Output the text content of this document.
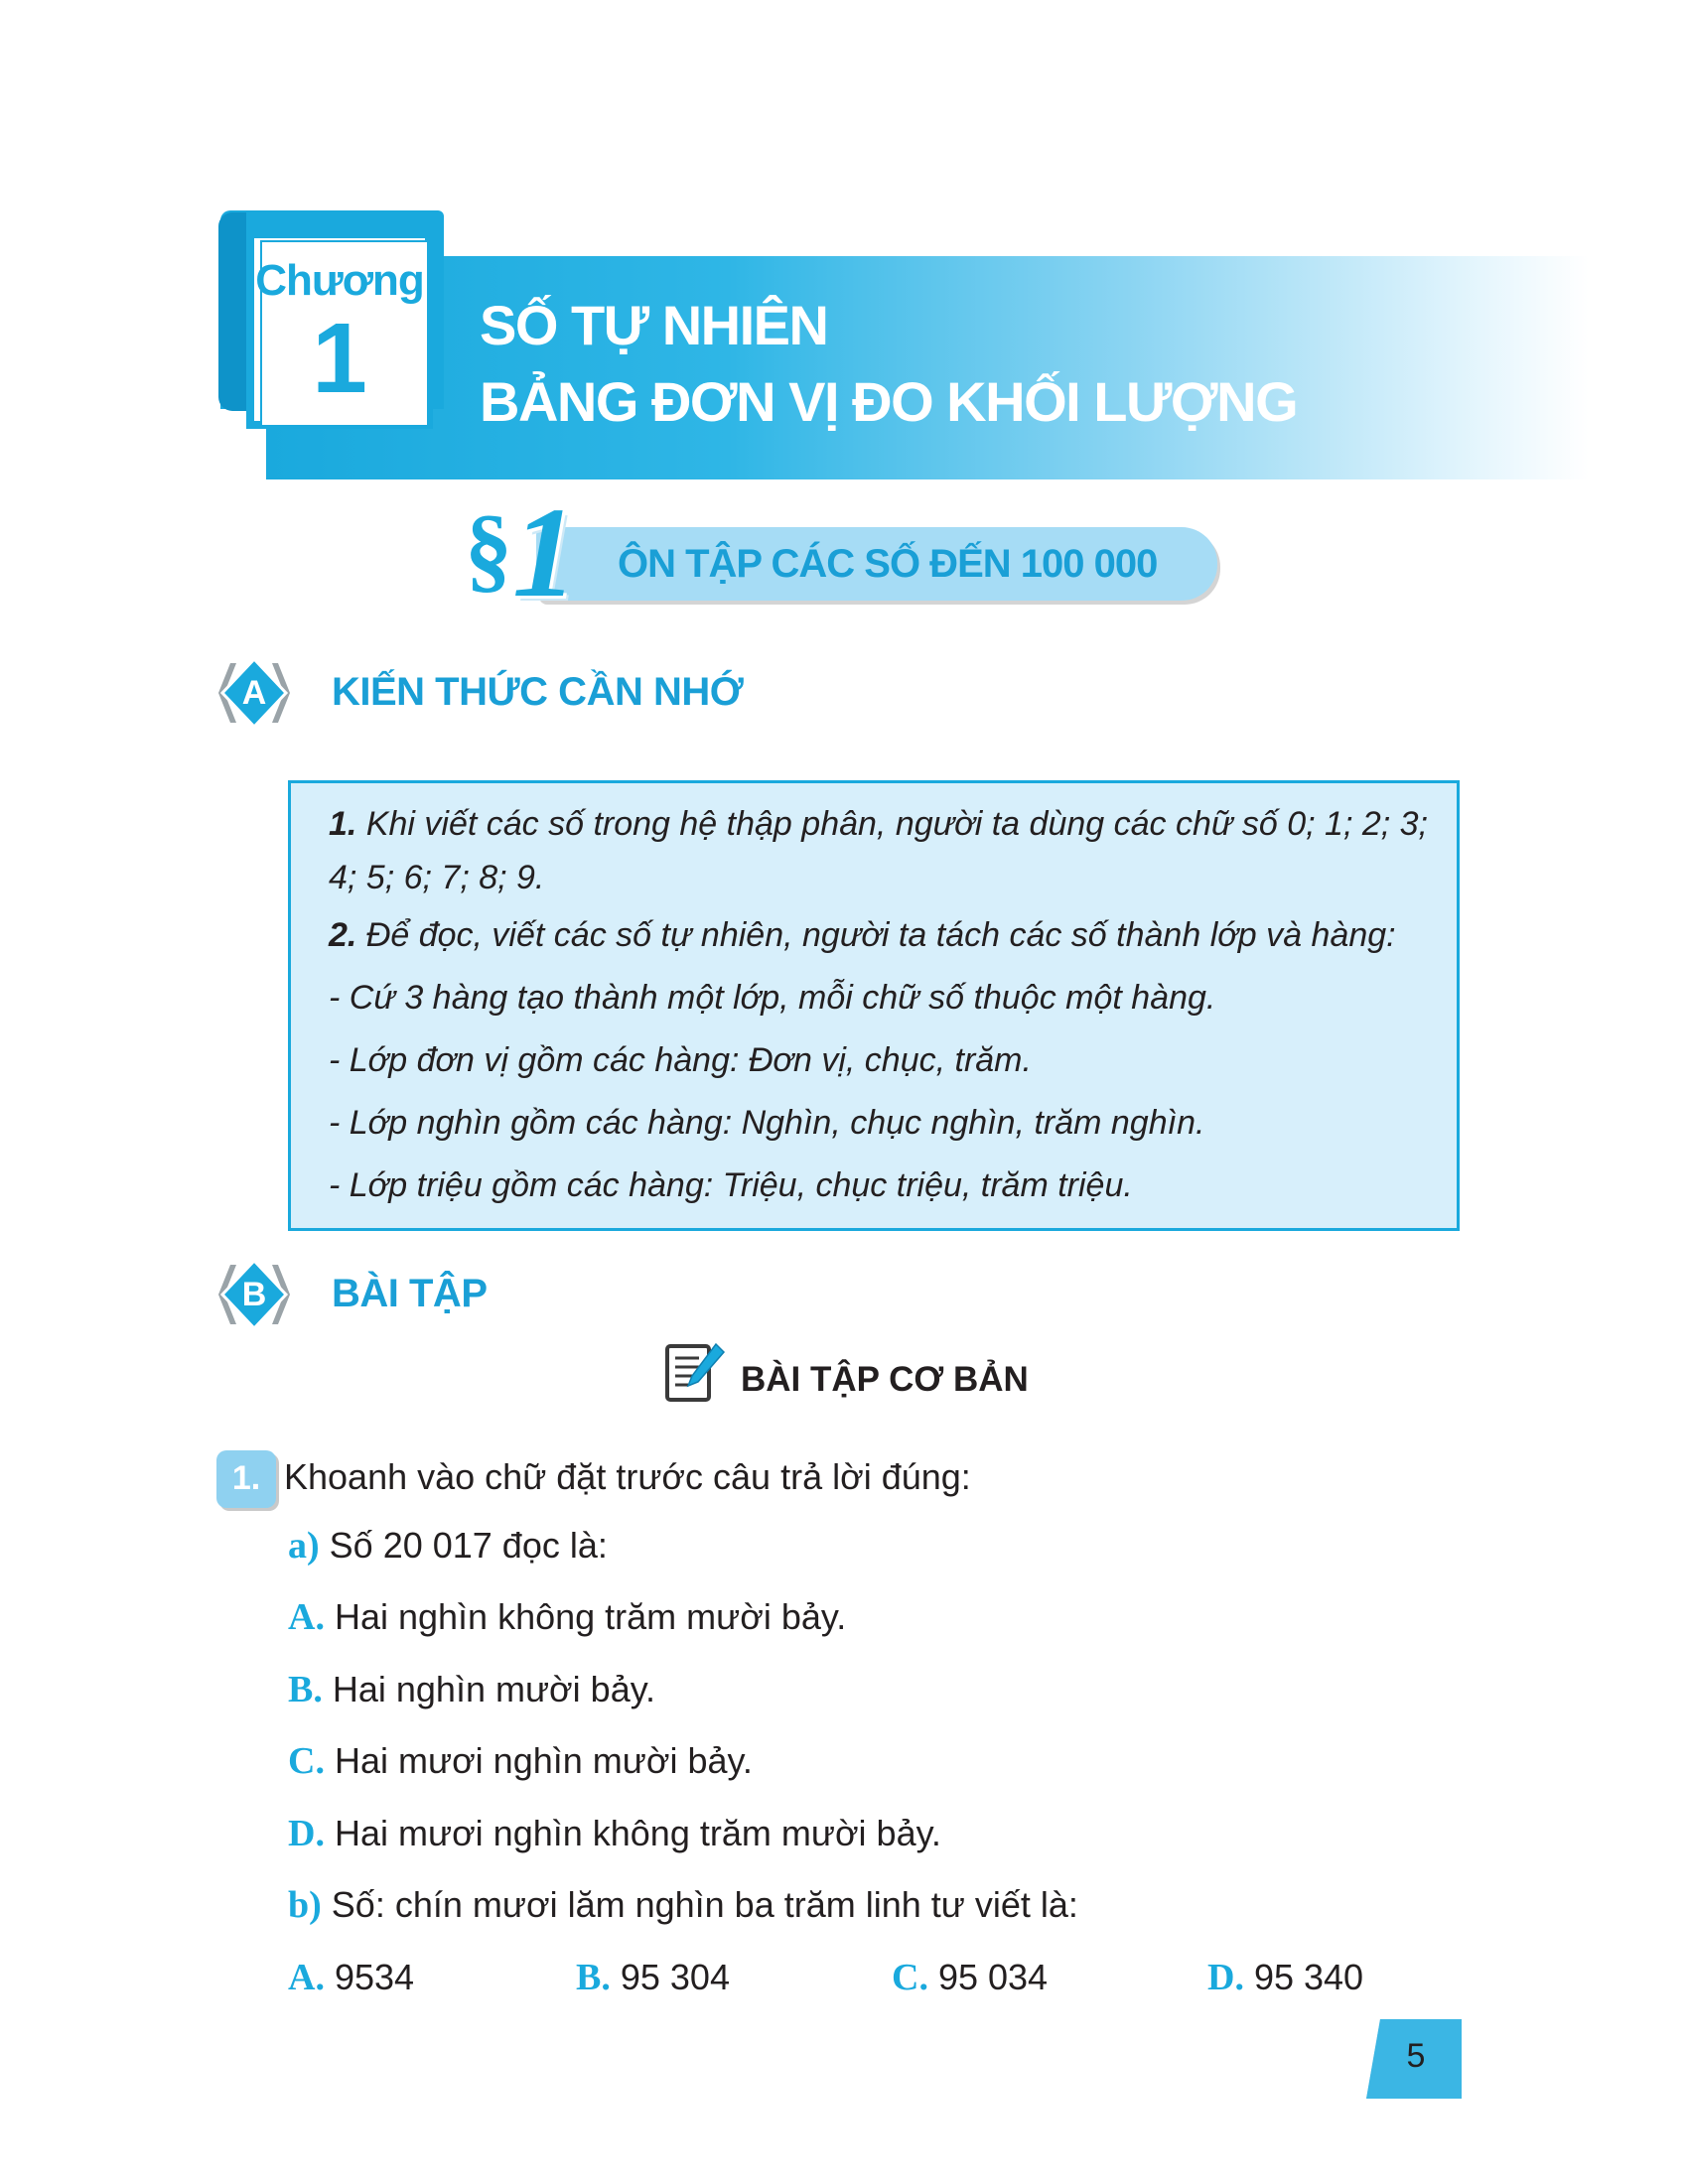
Chương
1	SỐ TỰ NHIÊN
BẢNG ĐƠN VỊ ĐO KHỐI LƯỢNG
§ 1 ÔN TẬP CÁC SỐ ĐẾN 100 000
A	KIẾN THỨC CẦN NHỚ

1. Khi viết các số trong hệ thập phân, người ta dùng các chữ số 0; 1; 2; 3;

4; 5; 6; 7; 8; 9.

2. Để đọc, viết các số tự nhiên, người ta tách các số thành lớp và hàng:

- Cứ 3 hàng tạo thành một lớp, mỗi chữ số thuộc một hàng.

- Lớp đơn vị gồm các hàng: Đơn vị, chục, trăm.

- Lớp nghìn gồm các hàng: Nghìn, chục nghìn, trăm nghìn.

- Lớp triệu gồm các hàng: Triệu, chục triệu, trăm triệu.

B	BÀI TẬP
BÀI TẬP CƠ BẢN
1. Khoanh vào chữ đặt trước câu trả lời đúng:
a) Số 20 017 đọc là:
A. Hai nghìn không trăm mười bảy.
B. Hai nghìn mười bảy.
C. Hai mươi nghìn mười bảy.
D. Hai mươi nghìn không trăm mười bảy.
b) Số: chín mươi lăm nghìn ba trăm linh tư viết là:
A. 9534	B. 95 304	C. 95 034	D. 95 340
5
